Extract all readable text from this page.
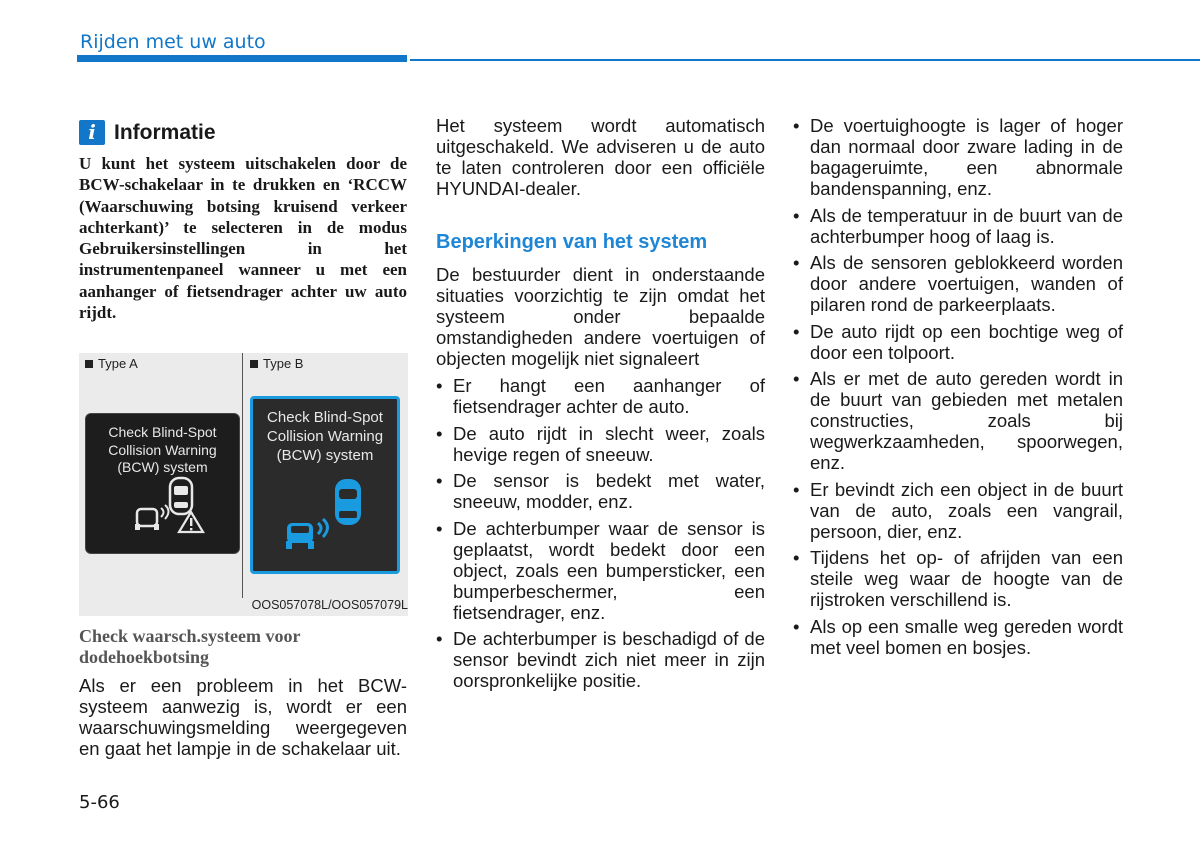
Rijden met uw auto
i Informatie
U kunt het systeem uitschakelen door de BCW-schakelaar in te drukken en ‘RCCW (Waarschuwing botsing kruisend verkeer achterkant)’ te selecteren in de modus Gebruikersinstellingen in het instrumentenpaneel wanneer u met een aanhanger of fietsendrager achter uw auto rijdt.
Type A	Type B
Check Blind-Spot
Collision Warning
(BCW) system
Check Blind-Spot
Collision Warning
(BCW) system
OOS057078L/OOS057079L
Check waarsch.systeem voor dodehoekbotsing
Als er een probleem in het BCW-systeem aanwezig is, wordt er een waarschuwingsmelding weergegeven en gaat het lampje in de schakelaar uit.
Het systeem wordt automatisch uitgeschakeld. We adviseren u de auto te laten controleren door een officiële HYUNDAI-dealer.
Beperkingen van het system
De bestuurder dient in onderstaande situaties voorzichtig te zijn omdat het systeem onder bepaalde omstandigheden andere voertuigen of objecten mogelijk niet signaleert
• Er hangt een aanhanger of fietsendrager achter de auto.
• De auto rijdt in slecht weer, zoals hevige regen of sneeuw.
• De sensor is bedekt met water, sneeuw, modder, enz.
• De achterbumper waar de sensor is geplaatst, wordt bedekt door een object, zoals een bumpersticker, een bumperbeschermer, een fietsendrager, enz.
• De achterbumper is beschadigd of de sensor bevindt zich niet meer in zijn oorspronkelijke positie.
• De voertuighoogte is lager of hoger dan normaal door zware lading in de bagageruimte, een abnormale bandenspanning, enz.
• Als de temperatuur in de buurt van de achterbumper hoog of laag is.
• Als de sensoren geblokkeerd worden door andere voertuigen, wanden of pilaren rond de parkeerplaats.
• De auto rijdt op een bochtige weg of door een tolpoort.
• Als er met de auto gereden wordt in de buurt van gebieden met metalen constructies, zoals bij wegwerkzaamheden, spoorwegen, enz.
• Er bevindt zich een object in de buurt van de auto, zoals een vangrail, persoon, dier, enz.
• Tijdens het op- of afrijden van een steile weg waar de hoogte van de rijstroken verschillend is.
• Als op een smalle weg gereden wordt met veel bomen en bosjes.
5-66
